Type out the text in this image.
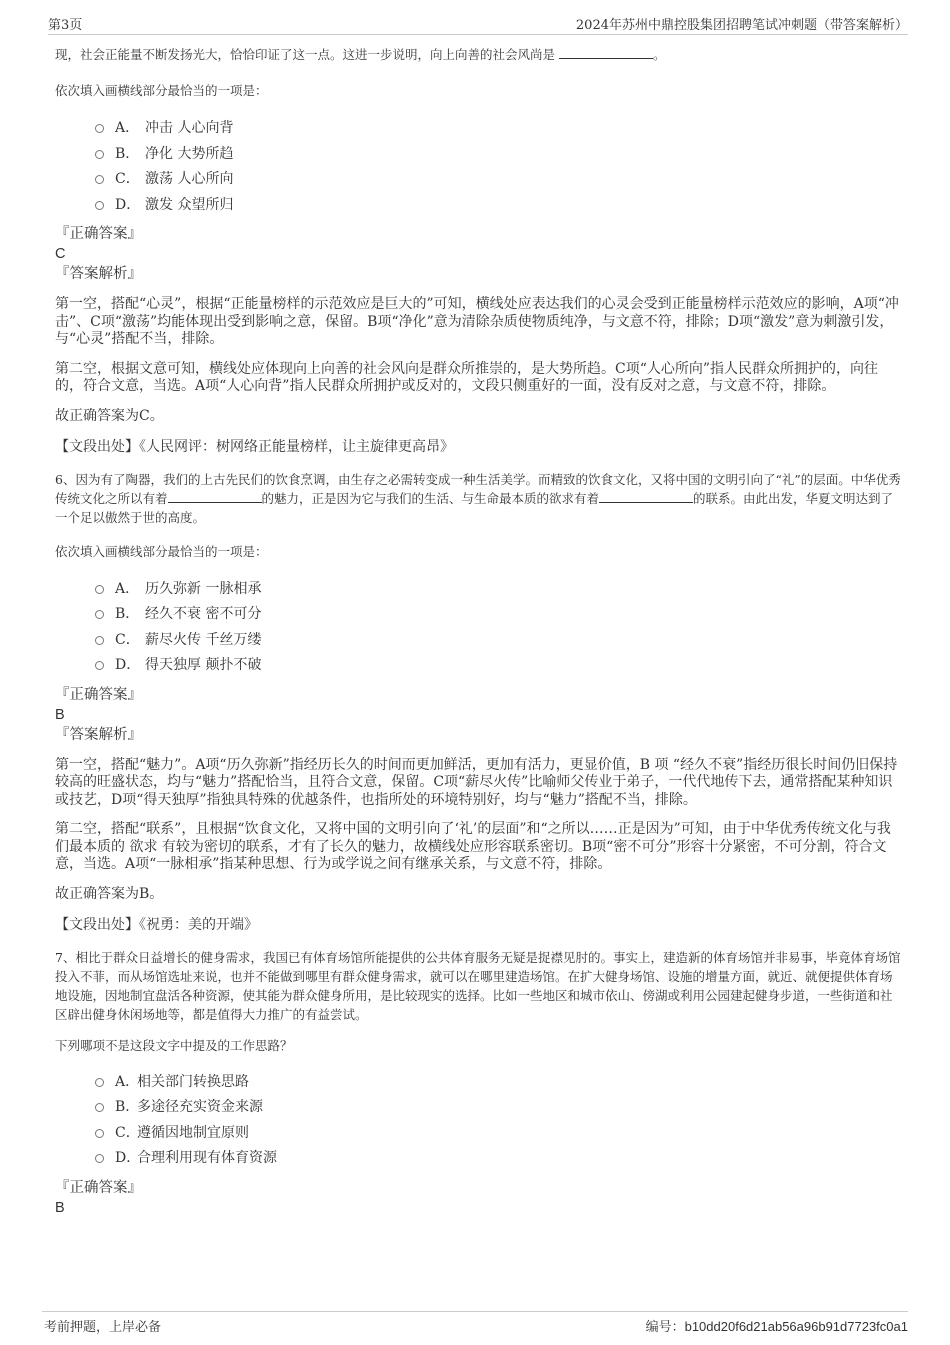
第3页	2024年苏州中鼎控股集团招聘笔试冲刺题（带答案解析）

现，社会正能量不断发扬光大，恰恰印证了这一点。这进一步说明，向上向善的社会风尚是	。

依次填入画横线部分最恰当的一项是：

A． 冲击 人心向背
B． 净化 大势所趋
C． 激荡 人心所向
D． 激发 众望所归

『正确答案』

C

『答案解析』

第一空，搭配“心灵”，根据“正能量榜样的示范效应是巨大的”可知，横线处应表达我们的心灵会受到正能量榜样示范效应的影响，A项“冲击”、C项“激荡”均能体现出受到影响之意，保留。B项“净化”意为清除杂质使物质纯净，与文意不符，排除；D项“激发”意为刺激引发，与“心灵”搭配不当，排除。

第二空，根据文意可知，横线处应体现向上向善的社会风向是群众所推崇的，是大势所趋。C项“人心所向”指人民群众所拥护的，向往的，符合文意，当选。A项“人心向背”指人民群众所拥护或反对的，文段只侧重好的一面，没有反对之意，与文意不符，排除。

故正确答案为C。

【文段出处】《人民网评：树网络正能量榜样，让主旋律更高昂》

6、因为有了陶器，我们的上古先民们的饮食烹调，由生存之必需转变成一种生活美学。而精致的饮食文化，又将中国的文明引向了“礼”的层面。中华优秀传统文化之所以有着	的魅力，正是因为它与我们的生活、与生命最本质的欲求有着	的联系。由此出发，华夏文明达到了一个足以傲然于世的高度。

依次填入画横线部分最恰当的一项是：

A． 历久弥新 一脉相承
B． 经久不衰 密不可分
C． 薪尽火传 千丝万缕
D． 得天独厚 颠扑不破

『正确答案』

B

『答案解析』

第一空，搭配“魅力”。A项“历久弥新”指经历长久的时间而更加鲜活，更加有活力，更显价值，B 项 “经久不衰”指经历很长时间仍旧保持较高的旺盛状态，均与“魅力”搭配恰当，且符合文意，保留。C项“薪尽火传”比喻师父传业于弟子，一代代地传下去，通常搭配某种知识或技艺，D项“得天独厚”指独具特殊的优越条件，也指所处的环境特别好，均与“魅力”搭配不当，排除。

第二空，搭配“联系”，且根据“饮食文化，又将中国的文明引向了‘礼’的层面”和“之所以……正是因为”可知，由于中华优秀传统文化与我们最本质的 欲求 有较为密切的联系，才有了长久的魅力，故横线处应形容联系密切。B项“密不可分”形容十分紧密，不可分割，符合文意，当选。A项“一脉相承”指某种思想、行为或学说之间有继承关系，与文意不符，排除。

故正确答案为B。

【文段出处】《祝勇：美的开端》

7、相比于群众日益增长的健身需求，我国已有体育场馆所能提供的公共体育服务无疑是捉襟见肘的。事实上，建造新的体育场馆并非易事，毕竟体育场馆投入不菲，而从场馆选址来说，也并不能做到哪里有群众健身需求，就可以在哪里建造场馆。在扩大健身场馆、设施的增量方面，就近、就便提供体育场地设施，因地制宜盘活各种资源，使其能为群众健身所用，是比较现实的选择。比如一些地区和城市依山、傍湖或利用公园建起健身步道，一些街道和社区辟出健身休闲场地等，都是值得大力推广的有益尝试。

下列哪项不是这段文字中提及的工作思路？

A．相关部门转换思路
B．多途径充实资金来源
C．遵循因地制宜原则
D．合理利用现有体育资源

『正确答案』

B

考前押题，上岸必备	编号：b10dd20f6d21ab56a96b91d7723fc0a1
